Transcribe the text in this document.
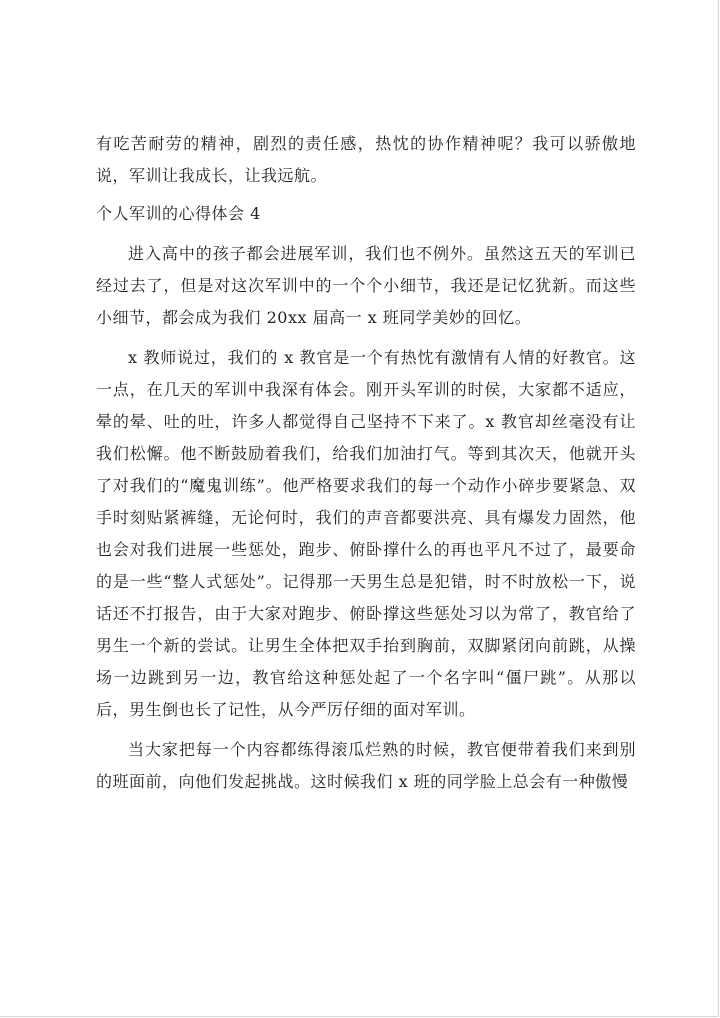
有吃苦耐劳的精神，剧烈的责任感，热忱的协作精神呢？我可以骄傲地说，军训让我成长，让我远航。

个人军训的心得体会 4

进入高中的孩子都会进展军训，我们也不例外。虽然这五天的军训已经过去了，但是对这次军训中的一个个小细节，我还是记忆犹新。而这些小细节，都会成为我们 20xx 届高一 x 班同学美妙的回忆。

x 教师说过，我们的 x 教官是一个有热忱有激情有人情的好教官。这一点，在几天的军训中我深有体会。刚开头军训的时侯，大家都不适应，晕的晕、吐的吐，许多人都觉得自己坚持不下来了。x 教官却丝毫没有让我们松懈。他不断鼓励着我们，给我们加油打气。等到其次天，他就开头了对我们的“魔鬼训练”。他严格要求我们的每一个动作小碎步要紧急、双手时刻贴紧裤缝，无论何时，我们的声音都要洪亮、具有爆发力固然，他也会对我们进展一些惩处，跑步、俯卧撑什么的再也平凡不过了，最要命的是一些“整人式惩处”。记得那一天男生总是犯错，时不时放松一下，说话还不打报告，由于大家对跑步、俯卧撑这些惩处习以为常了，教官给了男生一个新的尝试。让男生全体把双手抬到胸前，双脚紧闭向前跳，从操场一边跳到另一边，教官给这种惩处起了一个名字叫“僵尸跳”。从那以后，男生倒也长了记性，从今严厉仔细的面对军训。

当大家把每一个内容都练得滚瓜烂熟的时候，教官便带着我们来到别的班面前，向他们发起挑战。这时候我们 x 班的同学脸上总会有一种傲慢
